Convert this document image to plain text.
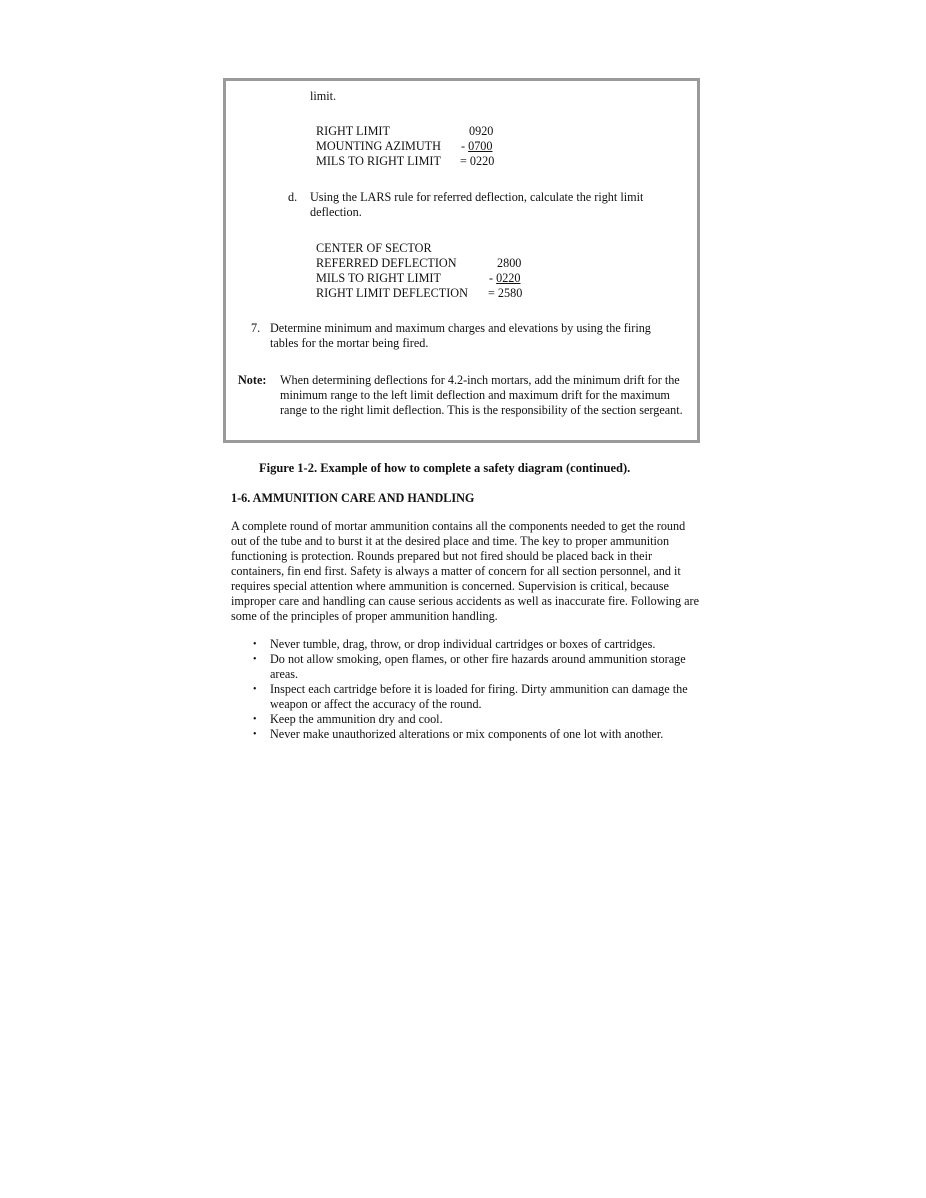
limit.
RIGHT LIMIT	0920
MOUNTING AZIMUTH - 0700
MILS TO RIGHT LIMIT = 0220
d. Using the LARS rule for referred deflection, calculate the right limit deflection.
CENTER OF SECTOR
REFERRED DEFLECTION	2800
MILS TO RIGHT LIMIT	- 0220
RIGHT LIMIT DEFLECTION = 2580
7. Determine minimum and maximum charges and elevations by using the firing tables for the mortar being fired.
Note: When determining deflections for 4.2-inch mortars, add the minimum drift for the minimum range to the left limit deflection and maximum drift for the maximum range to the right limit deflection. This is the responsibility of the section sergeant.
Figure 1-2. Example of how to complete a safety diagram (continued).
1-6. AMMUNITION CARE AND HANDLING
A complete round of mortar ammunition contains all the components needed to get the round out of the tube and to burst it at the desired place and time. The key to proper ammunition functioning is protection. Rounds prepared but not fired should be placed back in their containers, fin end first. Safety is always a matter of concern for all section personnel, and it requires special attention where ammunition is concerned. Supervision is critical, because improper care and handling can cause serious accidents as well as inaccurate fire. Following are some of the principles of proper ammunition handling.
• Never tumble, drag, throw, or drop individual cartridges or boxes of cartridges.
• Do not allow smoking, open flames, or other fire hazards around ammunition storage areas.
• Inspect each cartridge before it is loaded for firing. Dirty ammunition can damage the weapon or affect the accuracy of the round.
• Keep the ammunition dry and cool.
• Never make unauthorized alterations or mix components of one lot with another.
